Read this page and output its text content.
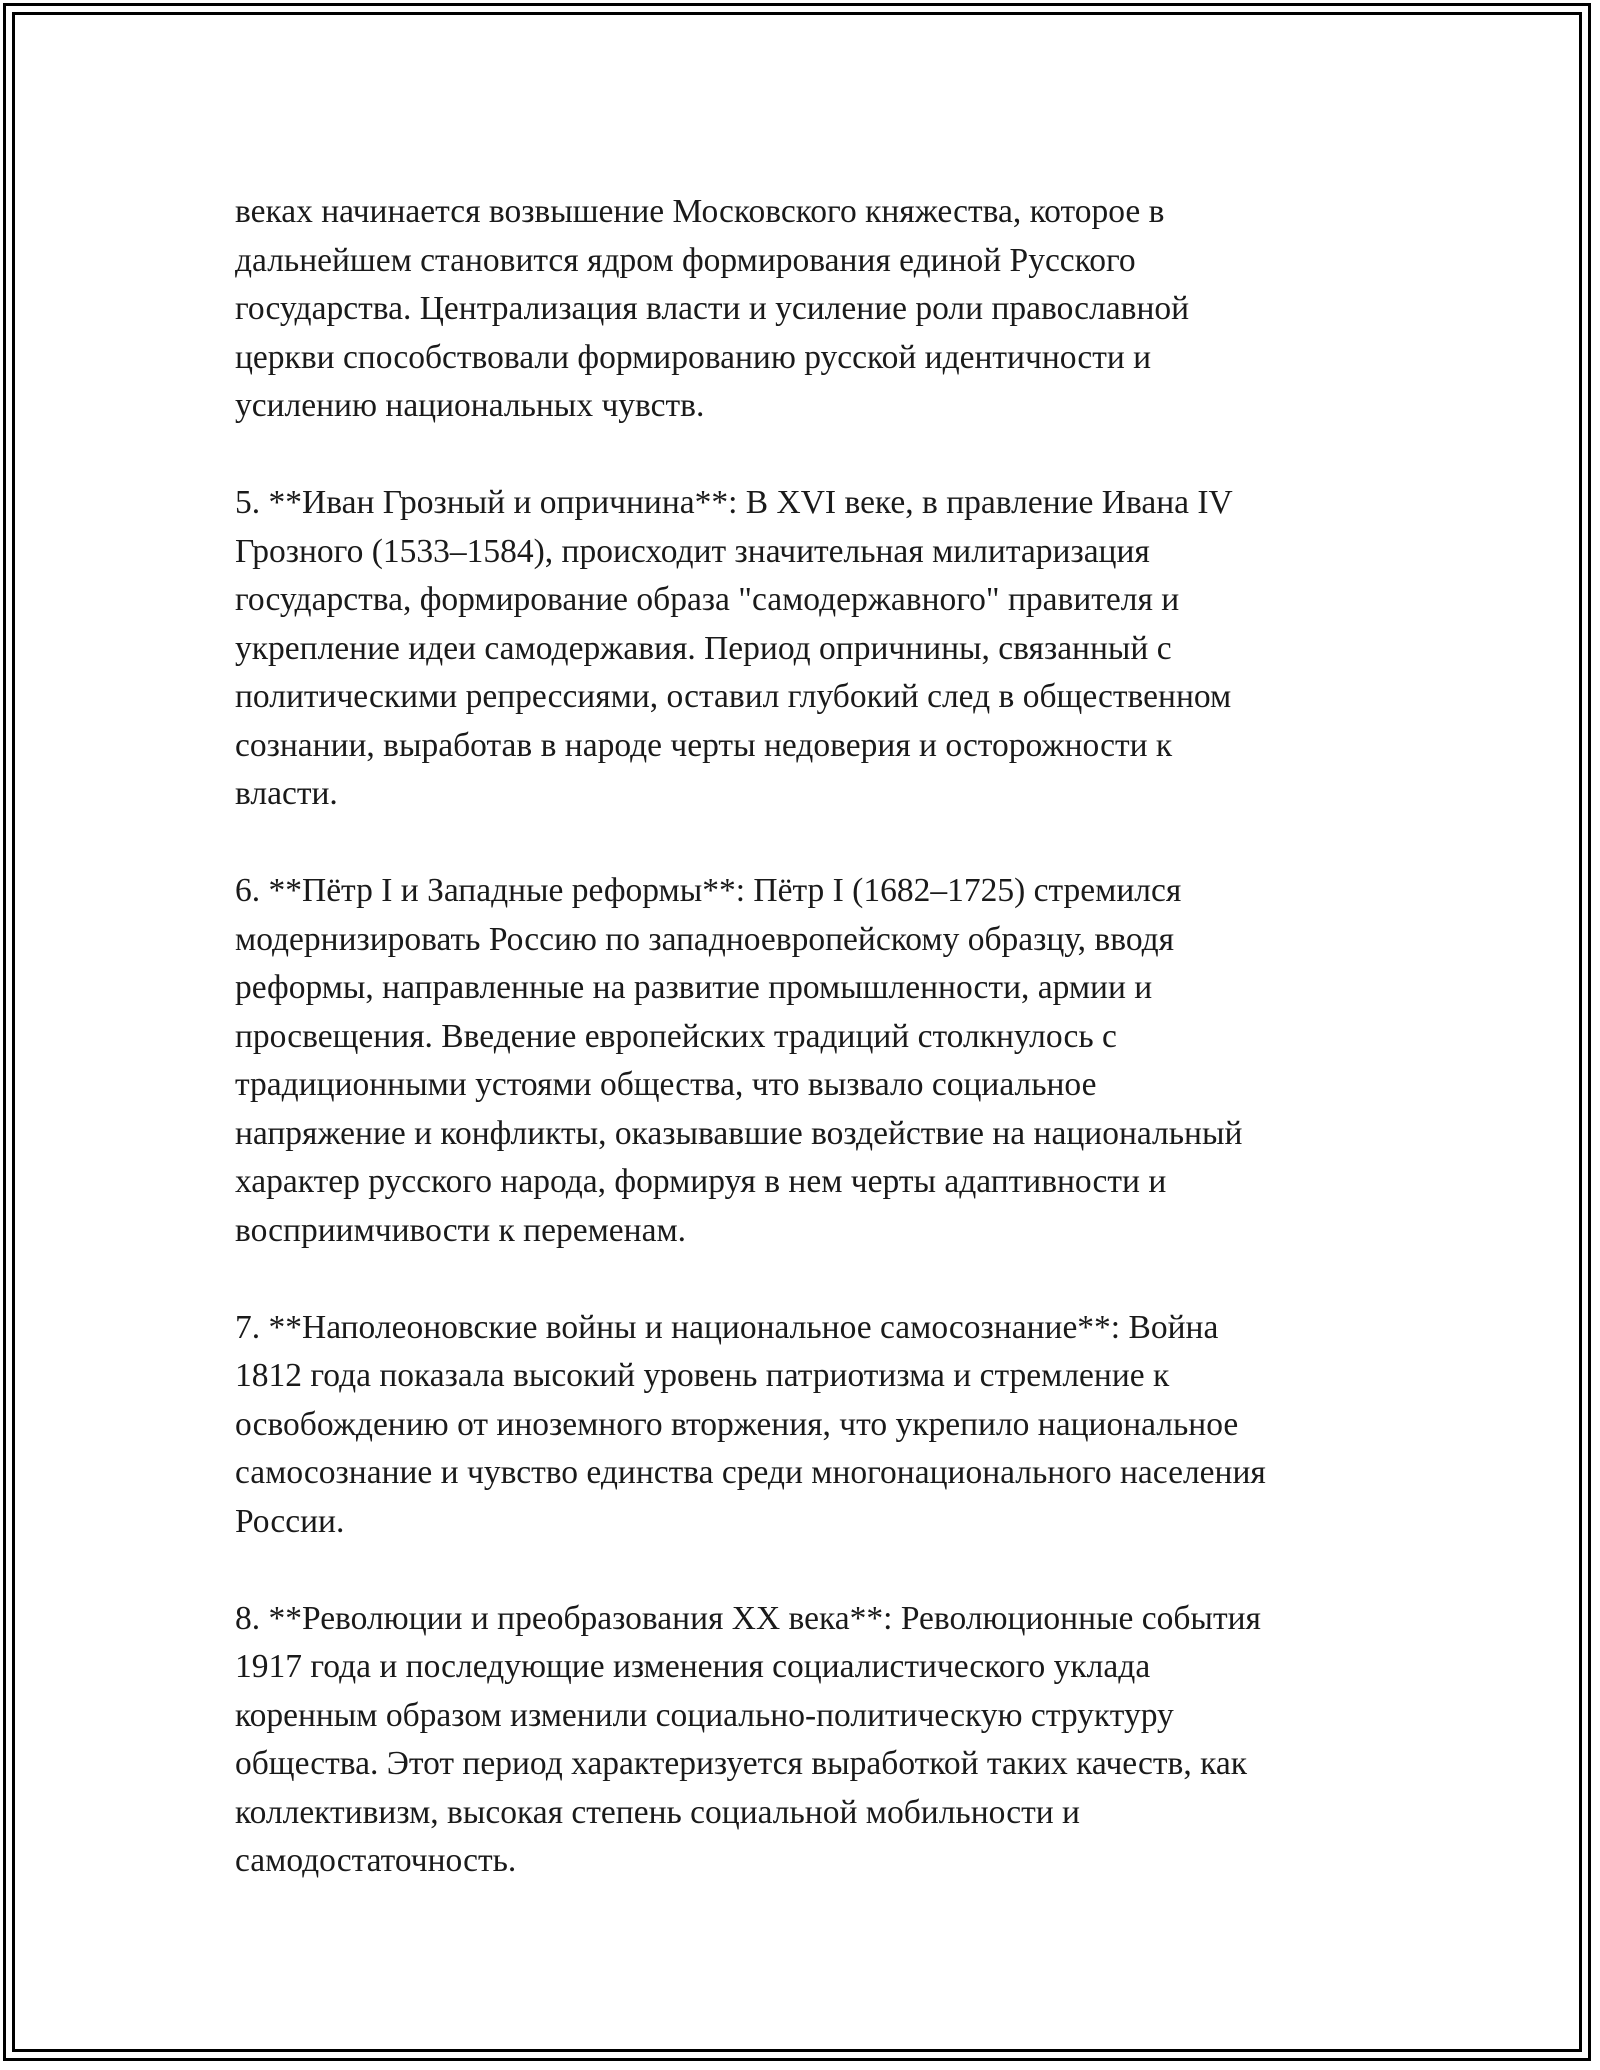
веках начинается возвышение Московского княжества, которое в
дальнейшем становится ядром формирования единой Русского
государства. Централизация власти и усиление роли православной
церкви способствовали формированию русской идентичности и
усилению национальных чувств.

5. **Иван Грозный и опричнина**: В XVI веке, в правление Ивана IV
Грозного (1533–1584), происходит значительная милитаризация
государства, формирование образа "самодержавного" правителя и
укрепление идеи самодержавия. Период опричнины, связанный с
политическими репрессиями, оставил глубокий след в общественном
сознании, выработав в народе черты недоверия и осторожности к
власти.

6. **Пётр I и Западные реформы**: Пётр I (1682–1725) стремился
модернизировать Россию по западноевропейскому образцу, вводя
реформы, направленные на развитие промышленности, армии и
просвещения. Введение европейских традиций столкнулось с
традиционными устоями общества, что вызвало социальное
напряжение и конфликты, оказывавшие воздействие на национальный
характер русского народа, формируя в нем черты адаптивности и
восприимчивости к переменам.

7. **Наполеоновские войны и национальное самосознание**: Война
1812 года показала высокий уровень патриотизма и стремление к
освобождению от иноземного вторжения, что укрепило национальное
самосознание и чувство единства среди многонационального населения
России.

8. **Революции и преобразования XX века**: Революционные события
1917 года и последующие изменения социалистического уклада
коренным образом изменили социально-политическую структуру
общества. Этот период характеризуется выработкой таких качеств, как
коллективизм, высокая степень социальной мобильности и
самодостаточность.
